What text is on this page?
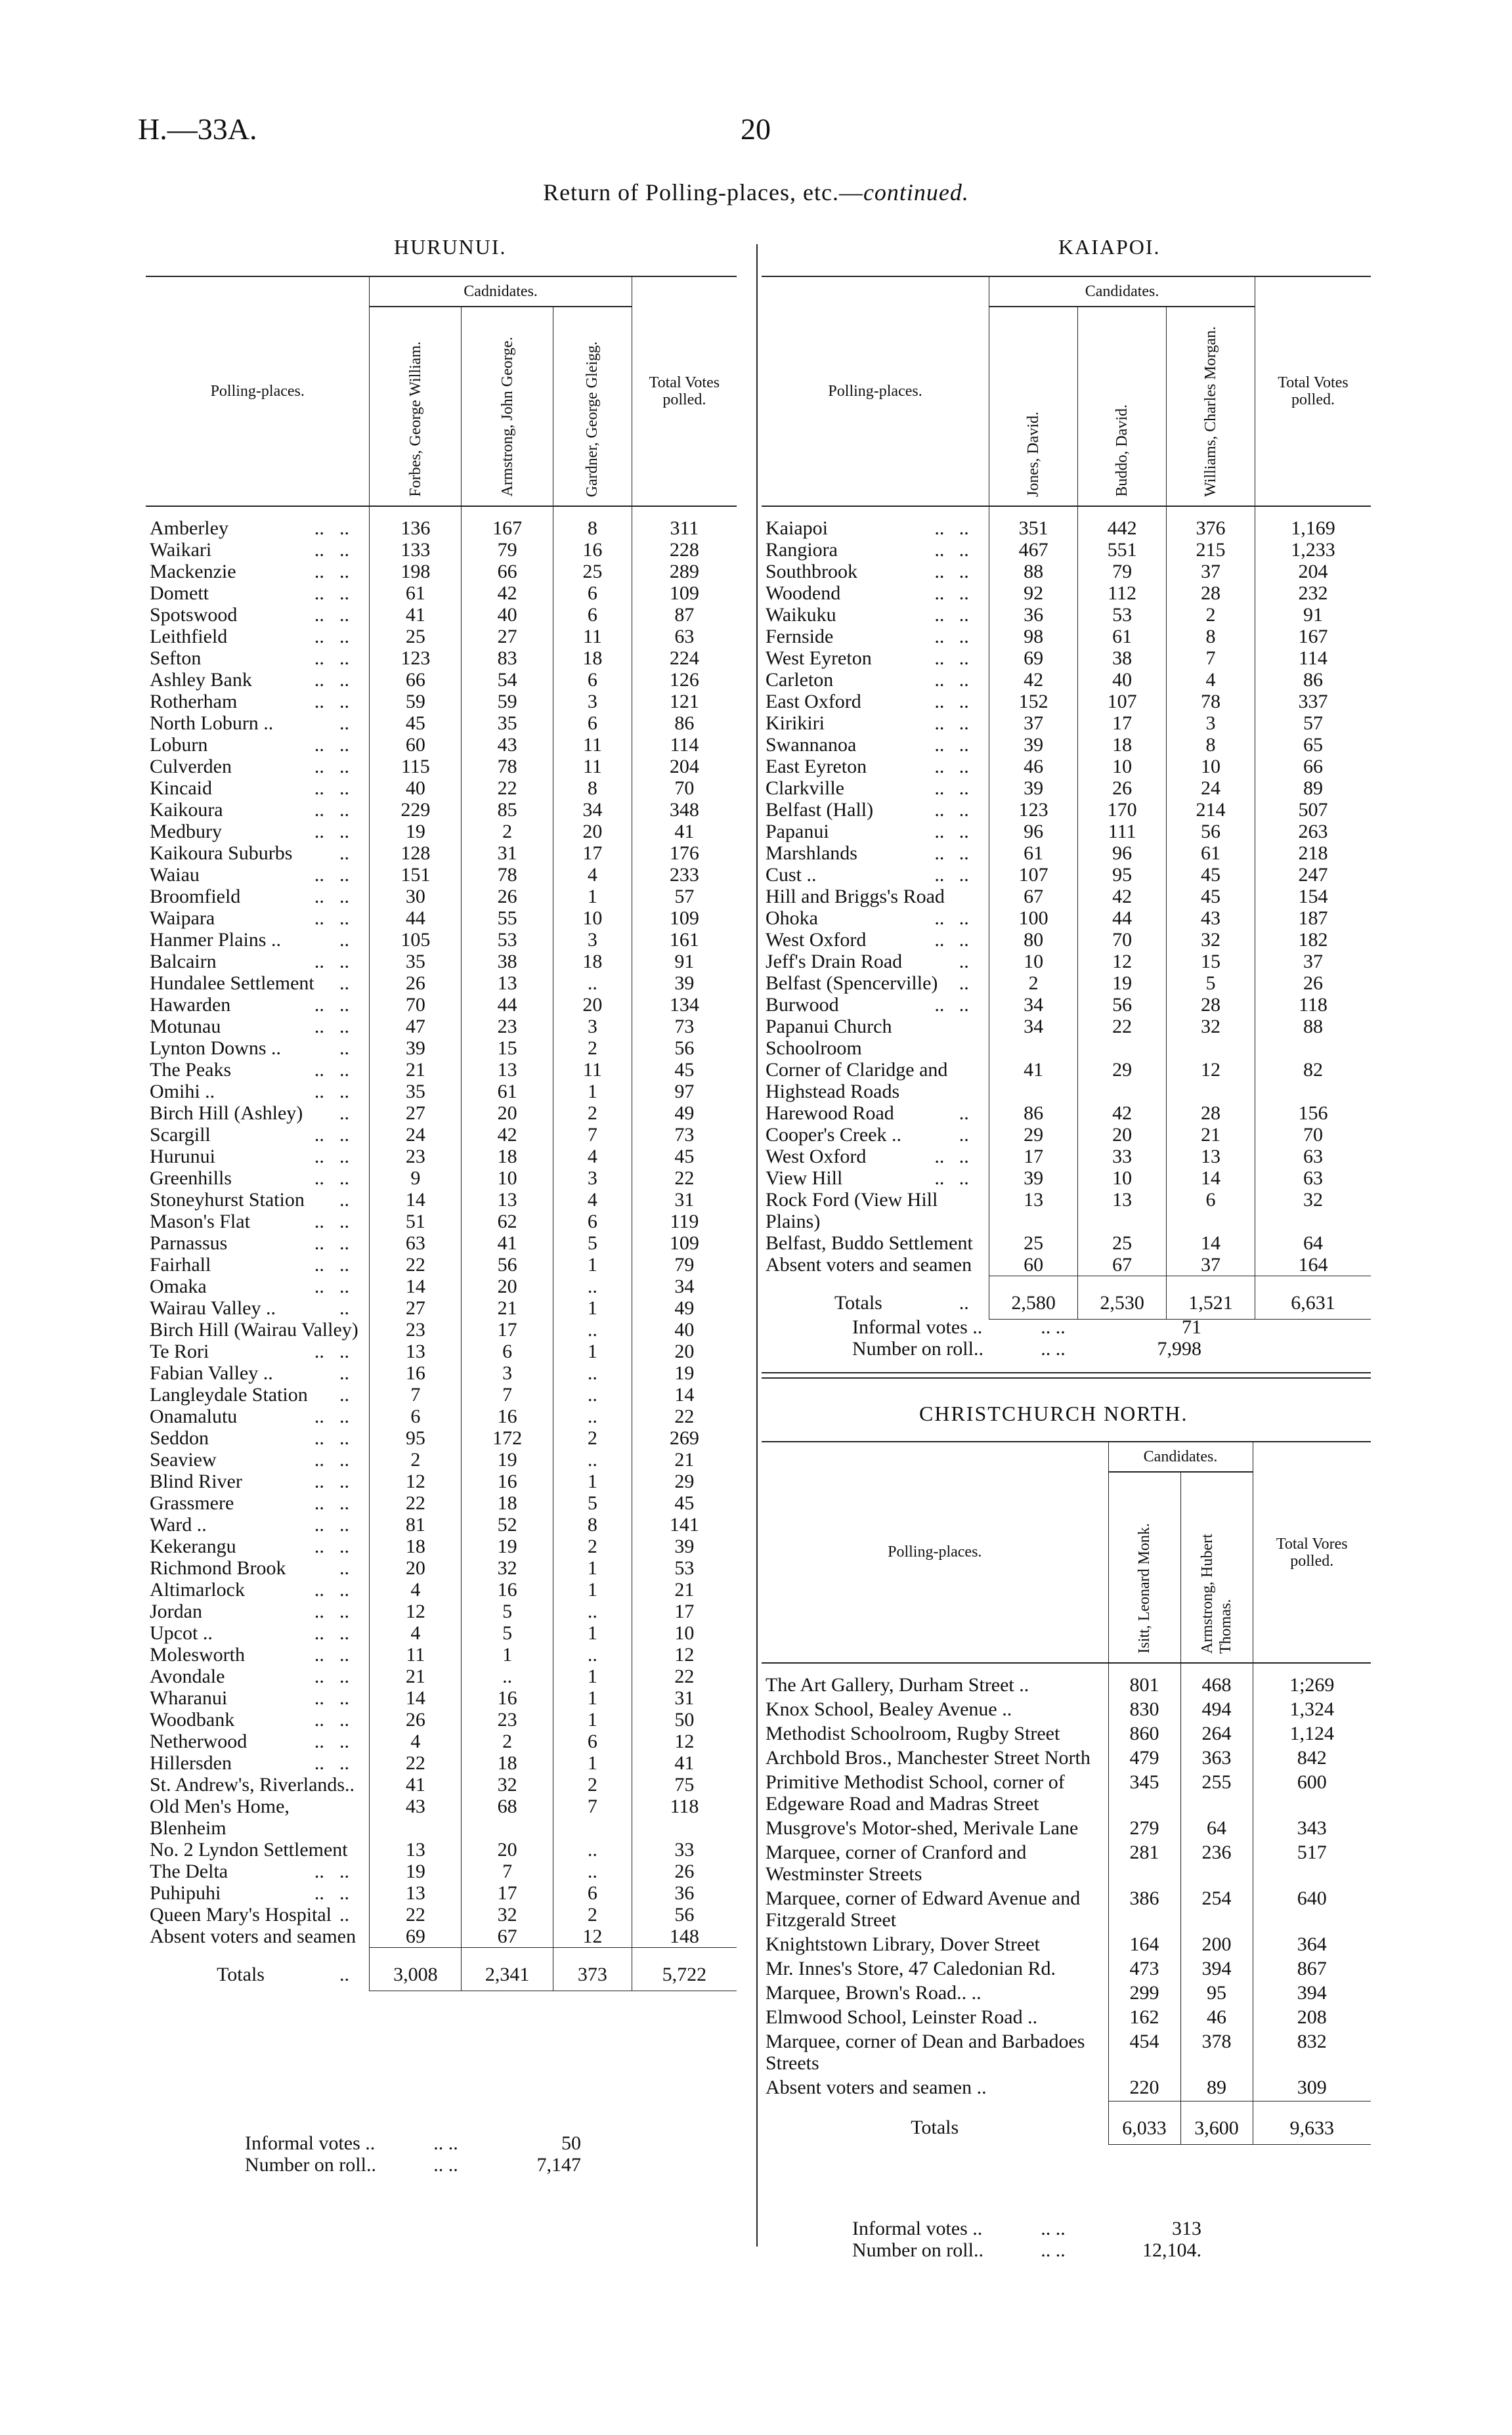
H.—33A.	20
Return of Polling-places, etc.—continued.
HURUNUI.
Polling-places.			Cadnidates.			Total Votes polled.
			Forbes, George William.	Armstrong, John George.	Gardner, George Gleigg.	
Amberley	..	..	136	167	8	311
Waikari	..	..	133	79	16	228
Mackenzie	..	..	198	66	25	289
Domett	..	..	61	42	6	109
Spotswood	..	..	41	40	6	87
Leithfield	..	..	25	27	11	63
Sefton	..	..	123	83	18	224
Ashley Bank	..	..	66	54	6	126
Rotherham	..	..	59	59	3	121
North Loburn ..		..	45	35	6	86
Loburn	..	..	60	43	11	114
Culverden	..	..	115	78	11	204
Kincaid	..	..	40	22	8	70
Kaikoura	..	..	229	85	34	348
Medbury	..	..	19	2	20	41
Kaikoura Suburbs		..	128	31	17	176
Waiau	..	..	151	78	4	233
Broomfield	..	..	30	26	1	57
Waipara	..	..	44	55	10	109
Hanmer Plains ..		..	105	53	3	161
Balcairn	..	..	35	38	18	91
Hundalee Settlement		..	26	13	..	39
Hawarden	..	..	70	44	20	134
Motunau	..	..	47	23	3	73
Lynton Downs ..		..	39	15	2	56
The Peaks	..	..	21	13	11	45
Omihi ..	..	..	35	61	1	97
Birch Hill (Ashley)		..	27	20	2	49
Scargill	..	..	24	42	7	73
Hurunui	..	..	23	18	4	45
Greenhills	..	..	9	10	3	22
Stoneyhurst Station		..	14	13	4	31
Mason's Flat	..	..	51	62	6	119
Parnassus	..	..	63	41	5	109
Fairhall	..	..	22	56	1	79
Omaka	..	..	14	20	..	34
Wairau Valley ..		..	27	21	1	49
Birch Hill (Wairau Valley)			23	17	..	40
Te Rori	..	..	13	6	1	20
Fabian Valley ..		..	16	3	..	19
Langleydale Station		..	7	7	..	14
Onamalutu	..	..	6	16	..	22
Seddon	..	..	95	172	2	269
Seaview	..	..	2	19	..	21
Blind River	..	..	12	16	1	29
Grassmere	..	..	22	18	5	45
Ward ..	..	..	81	52	8	141
Kekerangu	..	..	18	19	2	39
Richmond Brook		..	20	32	1	53
Altimarlock	..	..	4	16	1	21
Jordan	..	..	12	5	..	17
Upcot ..	..	..	4	5	1	10
Molesworth	..	..	11	1	..	12
Avondale	..	..	21	..	1	22
Wharanui	..	..	14	16	1	31
Woodbank	..	..	26	23	1	50
Netherwood	..	..	4	2	6	12
Hillersden	..	..	22	18	1	41
St. Andrew's, Riverlands..			41	32	2	75
Old Men's Home, Blenheim			43	68	7	118
No. 2 Lyndon Settlement			13	20	..	33
The Delta	..	..	19	7	..	26
Puhipuhi	..	..	13	17	6	36
Queen Mary's Hospital		..	22	32	2	56
Absent voters and seamen			69	67	12	148
Totals		..	3,008	2,341	373	5,722
Informal votes ..	.. ..	50
Number on roll..	.. ..	7,147
KAIAPOI.
Polling-places.			Candidates.			Total Votes polled.
			Jones, David.	Buddo, David.	Williams, Charles Morgan.	
Kaiapoi	..	..	351	442	376	1,169
Rangiora	..	..	467	551	215	1,233
Southbrook	..	..	88	79	37	204
Woodend	..	..	92	112	28	232
Waikuku	..	..	36	53	2	91
Fernside	..	..	98	61	8	167
West Eyreton	..	..	69	38	7	114
Carleton	..	..	42	40	4	86
East Oxford	..	..	152	107	78	337
Kirikiri	..	..	37	17	3	57
Swannanoa	..	..	39	18	8	65
East Eyreton	..	..	46	10	10	66
Clarkville	..	..	39	26	24	89
Belfast (Hall)	..	..	123	170	214	507
Papanui	..	..	96	111	56	263
Marshlands	..	..	61	96	61	218
Cust ..	..	..	107	95	45	247
Hill and Briggs's Road			67	42	45	154
Ohoka	..	..	100	44	43	187
West Oxford	..	..	80	70	32	182
Jeff's Drain Road		..	10	12	15	37
Belfast (Spencerville)		..	2	19	5	26
Burwood	..	..	34	56	28	118
Papanui Church Schoolroom			34	22	32	88
Corner of Claridge and Highstead Roads			41	29	12	82
Harewood Road		..	86	42	28	156
Cooper's Creek ..		..	29	20	21	70
West Oxford	..	..	17	33	13	63
View Hill	..	..	39	10	14	63
Rock Ford (View Hill Plains)			13	13	6	32
Belfast, Buddo Settlement			25	25	14	64
Absent voters and seamen			60	67	37	164
Totals		..	2,580	2,530	1,521	6,631
Informal votes ..	.. ..	71
Number on roll..	.. ..	7,998
CHRISTCHURCH NORTH.
Polling-places.	Candidates.		Total Vores polled.
	Isitt, Leonard Monk.	Armstrong, Hubert Thomas.	
The Art Gallery, Durham Street ..	801	468	1;269
Knox School, Bealey Avenue ..	830	494	1,324
Methodist Schoolroom, Rugby Street	860	264	1,124
Archbold Bros., Manchester Street North	479	363	842
Primitive Methodist School, corner of Edgeware Road and Madras Street	345	255	600
Musgrove's Motor-shed, Merivale Lane	279	64	343
Marquee, corner of Cranford and Westminster Streets	281	236	517
Marquee, corner of Edward Avenue and Fitzgerald Street	386	254	640
Knightstown Library, Dover Street	164	200	364
Mr. Innes's Store, 47 Caledonian Rd.	473	394	867
Marquee, Brown's Road.. ..	299	95	394
Elmwood School, Leinster Road ..	162	46	208
Marquee, corner of Dean and Barbadoes Streets	454	378	832
Absent voters and seamen ..	220	89	309
Totals	6,033	3,600	9,633
Informal votes ..	.. ..	313
Number on roll..	.. ..	12,104.
